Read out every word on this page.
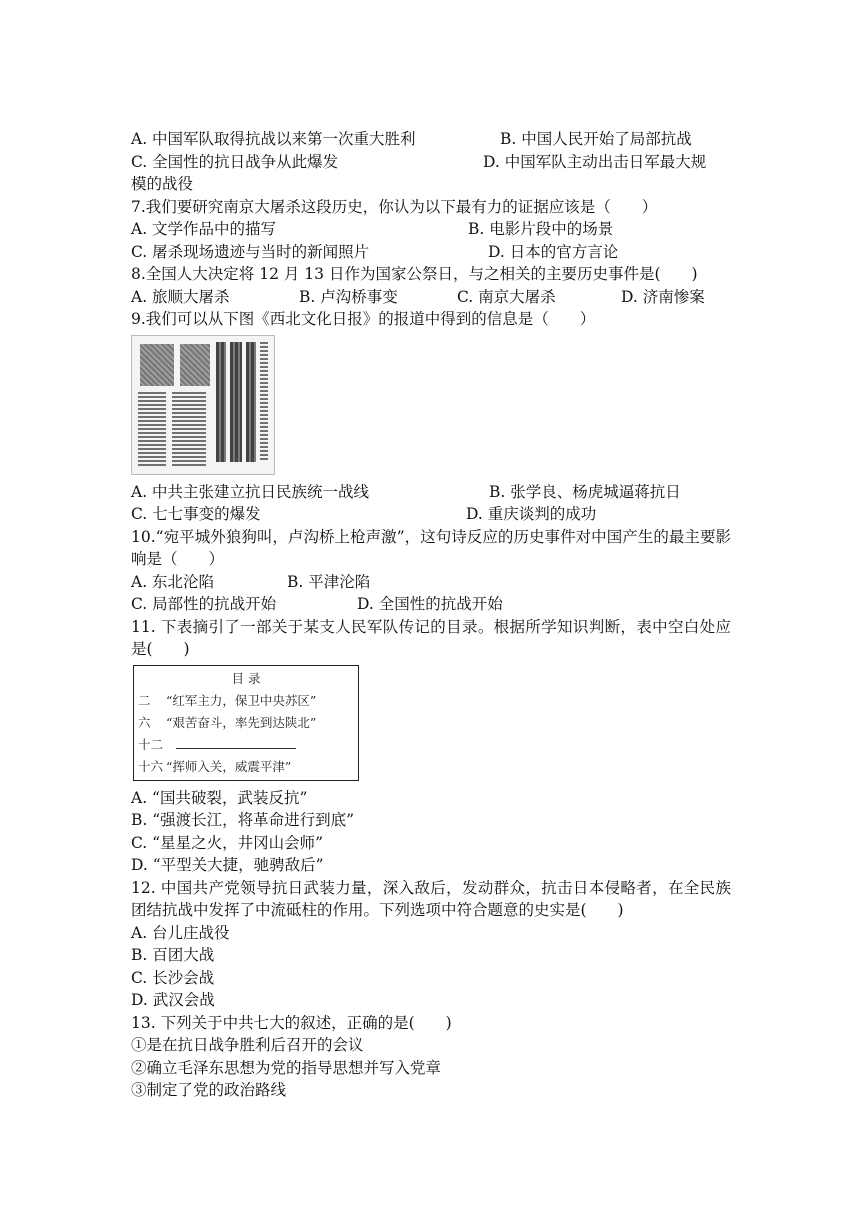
A. 中国军队取得抗战以来第一次重大胜利	B. 中国人民开始了局部抗战
C. 全国性的抗日战争从此爆发	D. 中国军队主动出击日军最大规
模的战役
7.我们要研究南京大屠杀这段历史，你认为以下最有力的证据应该是（　　）
A. 文学作品中的描写	B. 电影片段中的场景
C. 屠杀现场遗迹与当时的新闻照片	D. 日本的官方言论
8.全国人大决定将 12 月 13 日作为国家公祭日，与之相关的主要历史事件是(　　)
A. 旅顺大屠杀	B. 卢沟桥事变	C. 南京大屠杀	D. 济南惨案
9.我们可以从下图《西北文化日报》的报道中得到的信息是（　　）
A. 中共主张建立抗日民族统一战线	B. 张学良、杨虎城逼蒋抗日
C. 七七事变的爆发	D. 重庆谈判的成功
10.“宛平城外狼狗叫，卢沟桥上枪声激”，这句诗反应的历史事件对中国产生的最主要影响是（　　）
A. 东北沦陷	B. 平津沦陷
C. 局部性的抗战开始	D. 全国性的抗战开始
11. 下表摘引了一部关于某支人民军队传记的目录。根据所学知识判断，表中空白处应是(　　)
目录
二	“红军主力，保卫中央苏区”
六	“艰苦奋斗，率先到达陕北”
十二
十六 “挥师入关，威震平津”
A. “国共破裂，武装反抗”
B. “强渡长江，将革命进行到底”
C. “星星之火，井冈山会师”
D. “平型关大捷，驰骋敌后”
12. 中国共产党领导抗日武装力量，深入敌后，发动群众，抗击日本侵略者，在全民族团结抗战中发挥了中流砥柱的作用。下列选项中符合题意的史实是(　　)
A. 台儿庄战役
B. 百团大战
C. 长沙会战
D. 武汉会战
13. 下列关于中共七大的叙述，正确的是(　　)
①是在抗日战争胜利后召开的会议
②确立毛泽东思想为党的指导思想并写入党章
③制定了党的政治路线
